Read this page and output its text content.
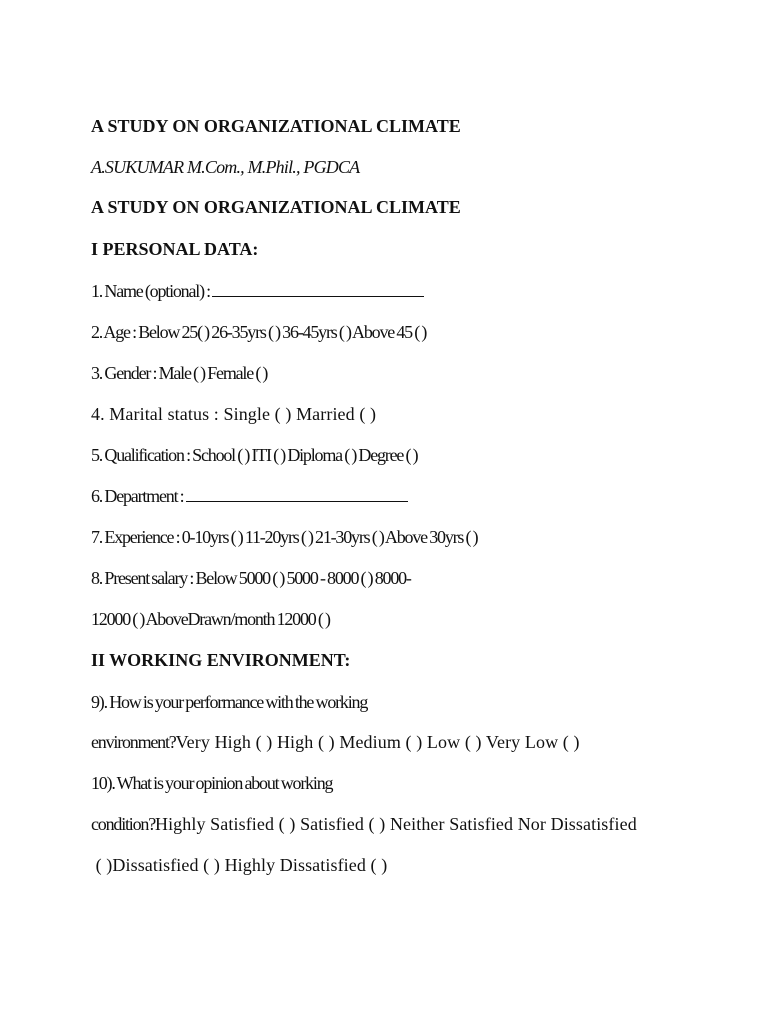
A STUDY ON ORGANIZATIONAL CLIMATE
A.SUKUMAR M.Com., M.Phil., PGDCA
A STUDY ON ORGANIZATIONAL CLIMATE
I PERSONAL DATA:
1. Name (optional) :
2. Age : Below 25( ) 26-35yrs ( ) 36-45yrs ( ) Above 45 ( )
3. Gender : Male ( ) Female ( )
4. Marital status : Single ( ) Married ( )
5. Qualification : School ( ) ITI ( ) Diploma ( ) Degree ( )
6. Department :
7. Experience : 0-10yrs ( ) 11-20yrs ( ) 21-30yrs ( ) Above 30yrs ( )
8. Present salary : Below 5000 ( ) 5000 - 8000 ( ) 8000-
12000 ( ) AboveDrawn/month 12000 ( )
II WORKING ENVIRONMENT:
9). How is your performance with the working
environment?Very High ( ) High ( ) Medium ( ) Low ( ) Very Low ( )
10). What is your opinion about working
condition?Highly Satisfied ( ) Satisfied ( ) Neither Satisfied Nor Dissatisfied
( )Dissatisfied ( ) Highly Dissatisfied ( )
